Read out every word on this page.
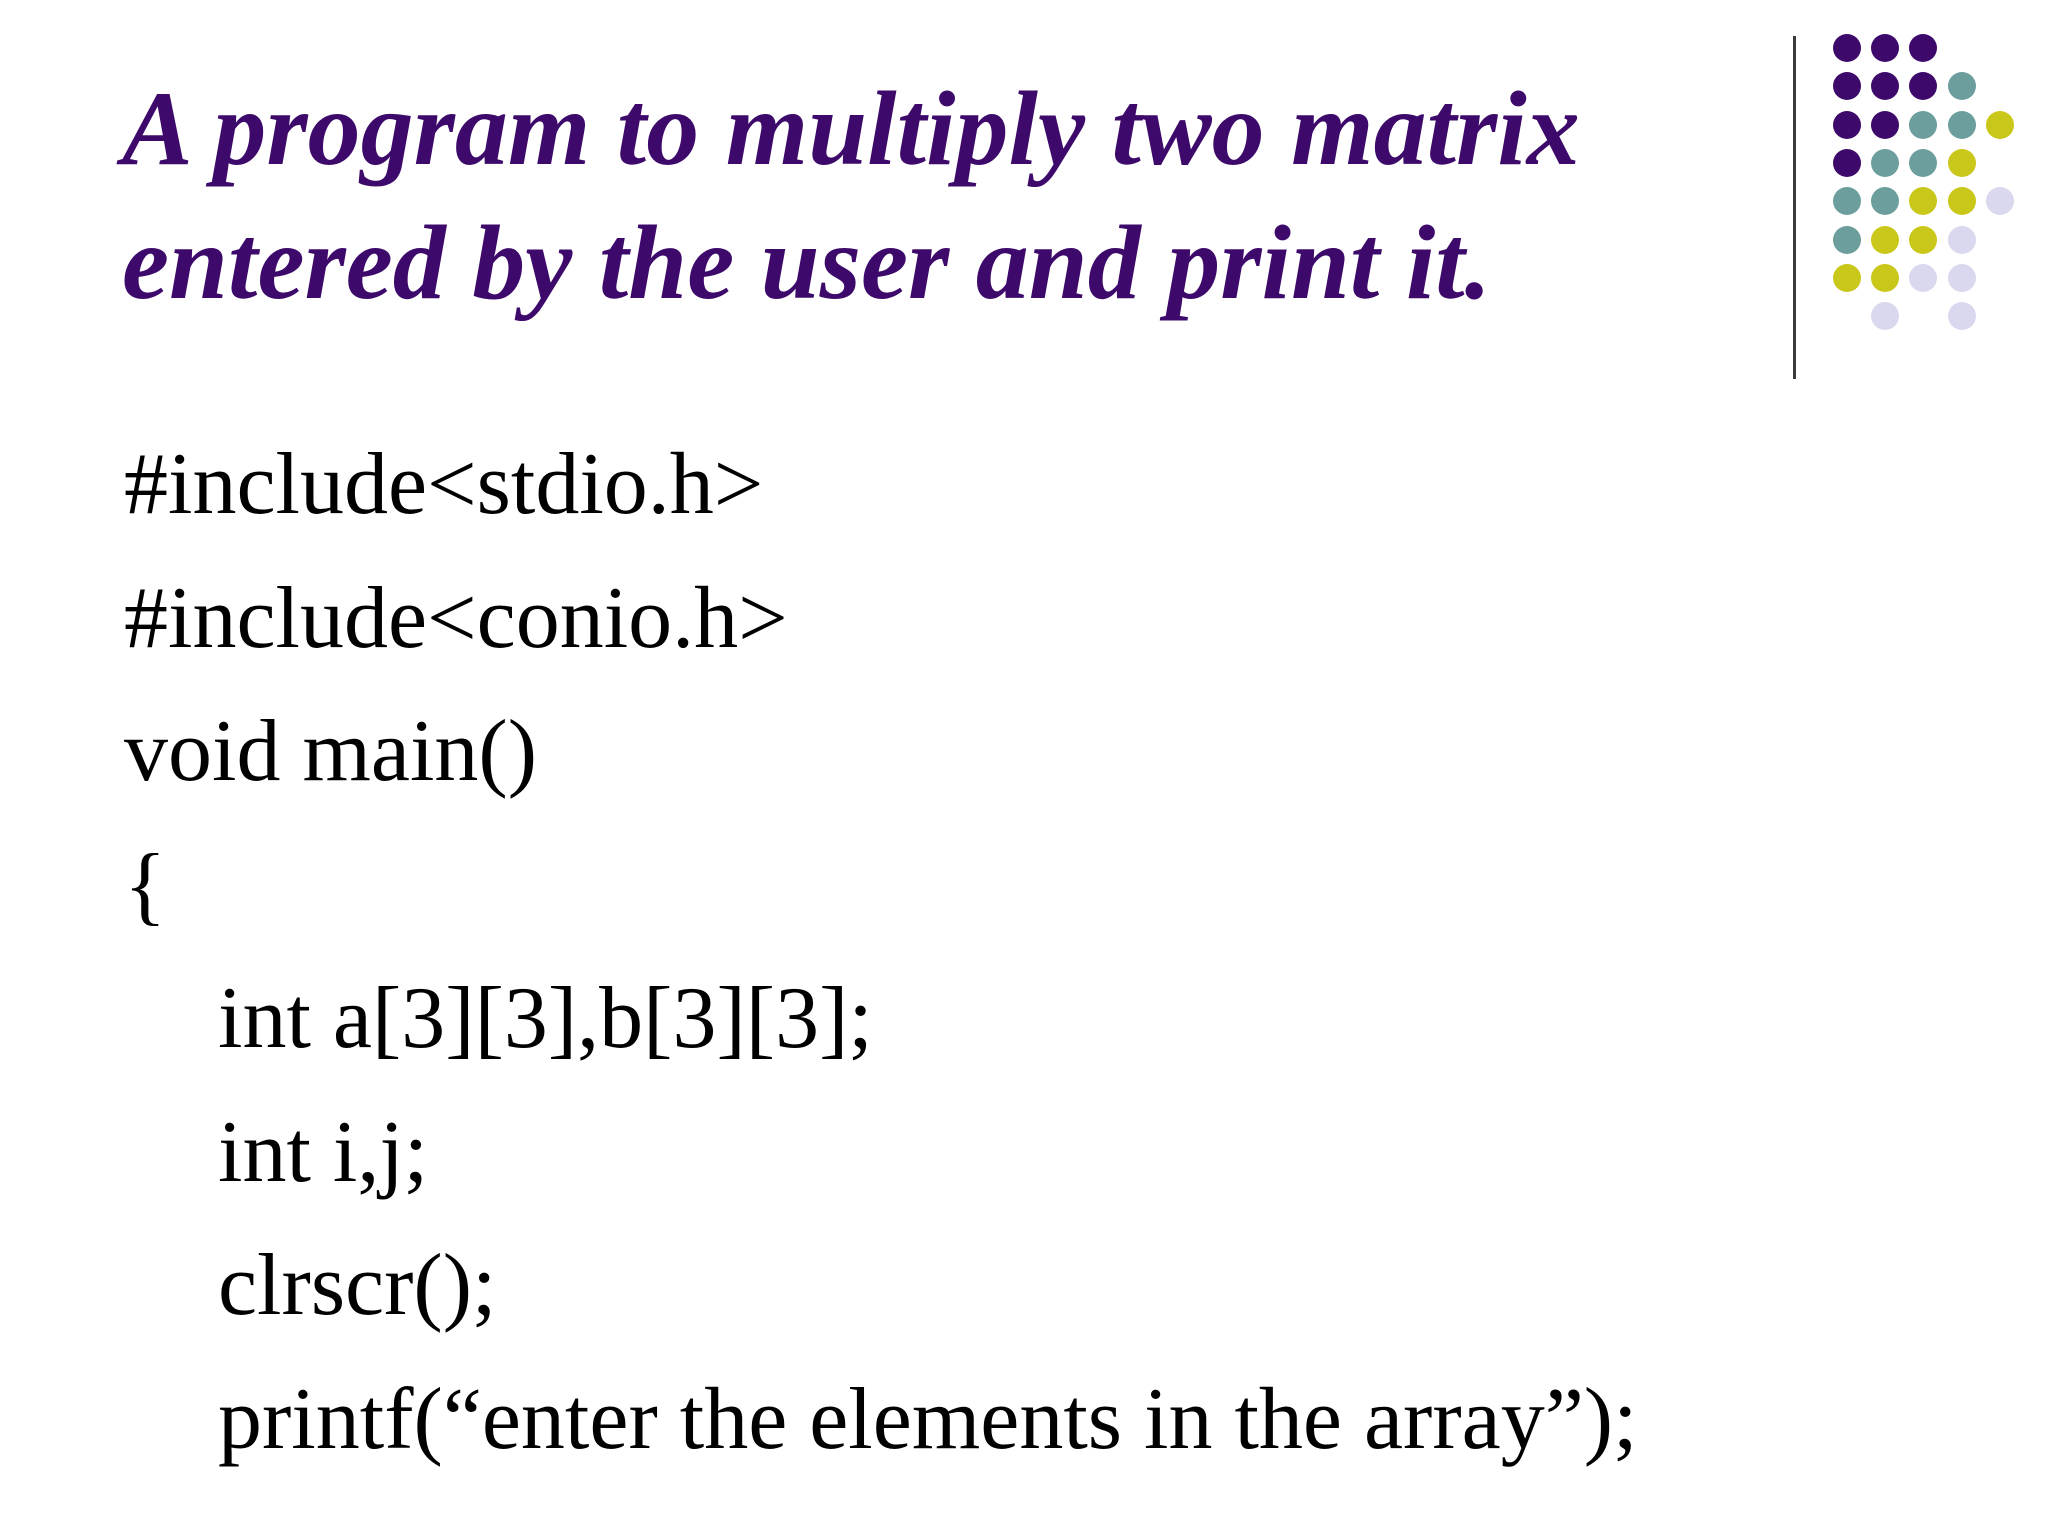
A program to multiply two matrix
entered by the user and print it.
#include<stdio.h>
#include<conio.h>
void main()
{
int a[3][3],b[3][3];
int i,j;
clrscr();
printf(“enter the elements in the array”);
